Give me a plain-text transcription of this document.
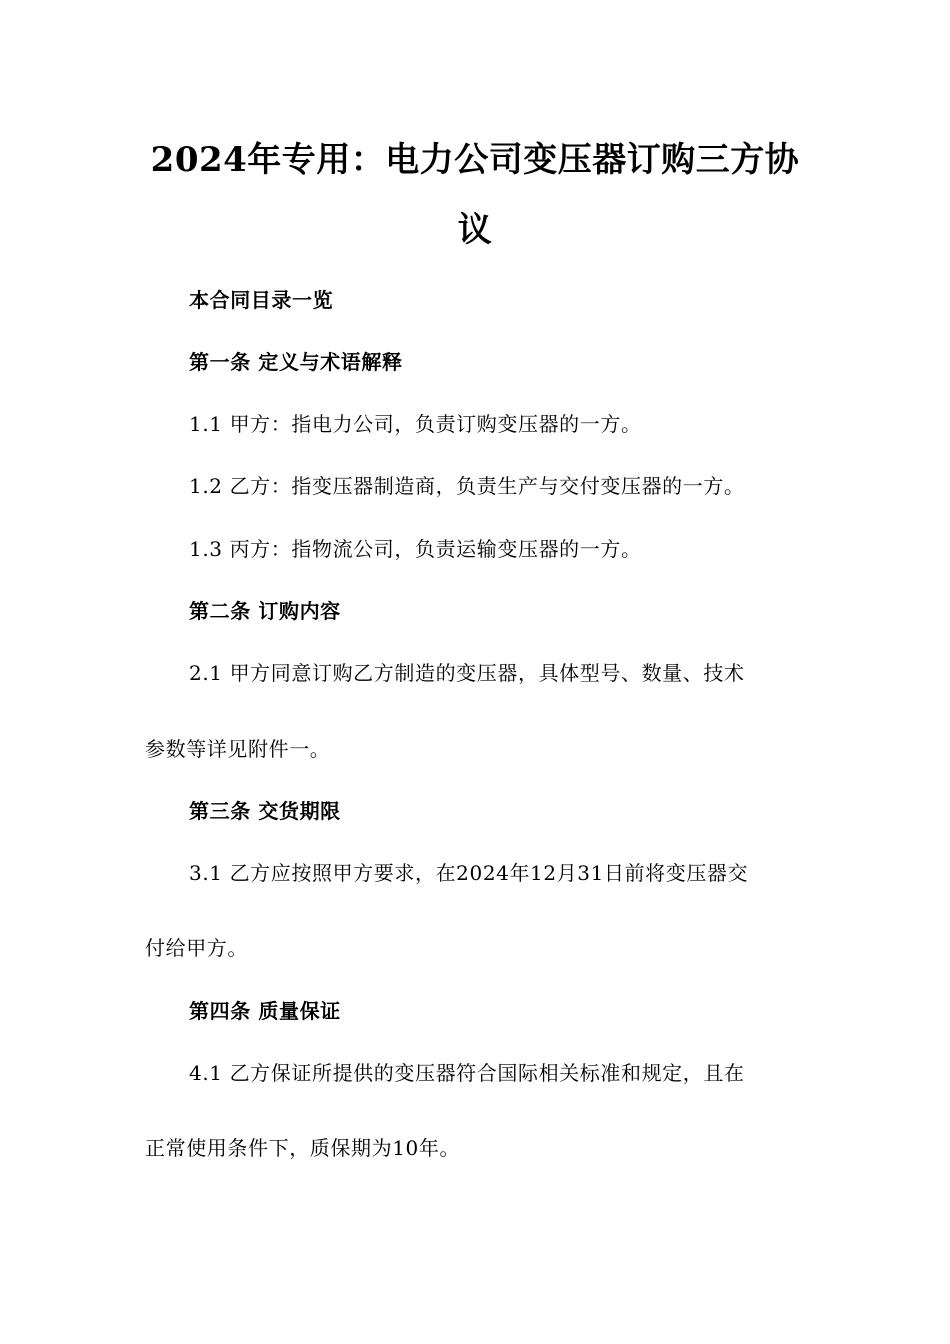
2024年专用：电力公司变压器订购三方协
议
本合同目录一览
第一条 定义与术语解释
1.1 甲方：指电力公司，负责订购变压器的一方。
1.2 乙方：指变压器制造商，负责生产与交付变压器的一方。
1.3 丙方：指物流公司，负责运输变压器的一方。
第二条 订购内容
2.1 甲方同意订购乙方制造的变压器，具体型号、数量、技术
参数等详见附件一。
第三条 交货期限
3.1 乙方应按照甲方要求，在2024年12月31日前将变压器交
付给甲方。
第四条 质量保证
4.1 乙方保证所提供的变压器符合国际相关标准和规定，且在
正常使用条件下，质保期为10年。
